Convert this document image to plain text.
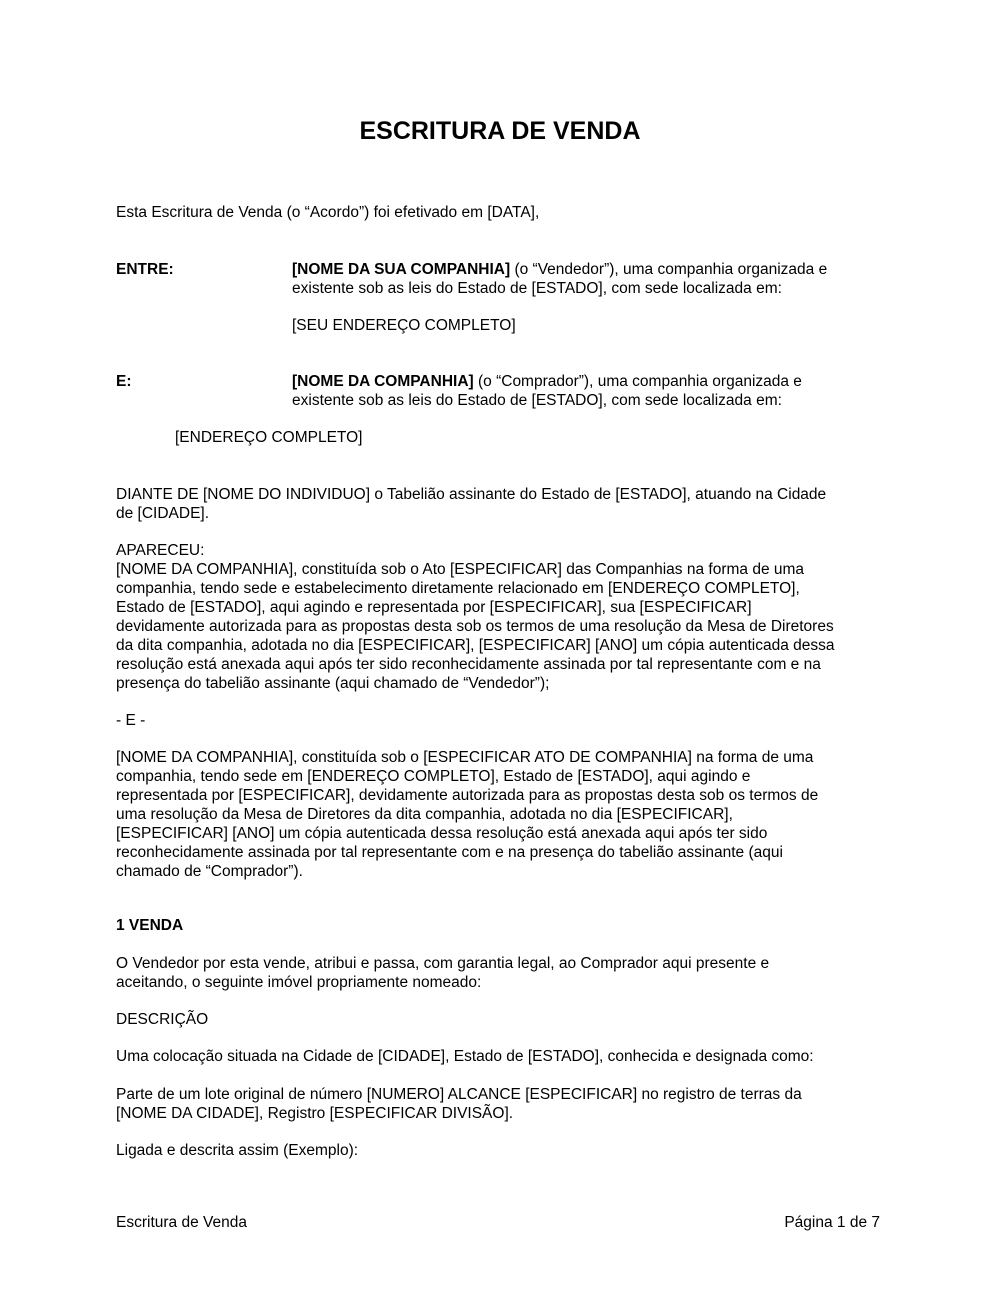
ESCRITURA DE VENDA
Esta Escritura de Venda (o “Acordo”) foi efetivado em [DATA],
ENTRE:	[NOME DA SUA COMPANHIA] (o “Vendedor”), uma companhia organizada e
existente sob as leis do Estado de [ESTADO], com sede localizada em:
[SEU ENDEREÇO COMPLETO]
E:	[NOME DA COMPANHIA] (o “Comprador”), uma companhia organizada e
existente sob as leis do Estado de [ESTADO], com sede localizada em:
[ENDEREÇO COMPLETO]
DIANTE DE [NOME DO INDIVIDUO] o Tabelião assinante do Estado de [ESTADO], atuando na Cidade
de [CIDADE].
APARECEU:
[NOME DA COMPANHIA], constituída sob o Ato [ESPECIFICAR] das Companhias na forma de uma
companhia, tendo sede e estabelecimento diretamente relacionado em [ENDEREÇO COMPLETO],
Estado de [ESTADO], aqui agindo e representada por [ESPECIFICAR], sua [ESPECIFICAR]
devidamente autorizada para as propostas desta sob os termos de uma resolução da Mesa de Diretores
da dita companhia, adotada no dia [ESPECIFICAR], [ESPECIFICAR] [ANO] um cópia autenticada dessa
resolução está anexada aqui após ter sido reconhecidamente assinada por tal representante com e na
presença do tabelião assinante (aqui chamado de “Vendedor”);
- E -
[NOME DA COMPANHIA], constituída sob o [ESPECIFICAR ATO DE COMPANHIA] na forma de uma
companhia, tendo sede em [ENDEREÇO COMPLETO], Estado de [ESTADO], aqui agindo e
representada por [ESPECIFICAR], devidamente autorizada para as propostas desta sob os termos de
uma resolução da Mesa de Diretores da dita companhia, adotada no dia [ESPECIFICAR],
[ESPECIFICAR] [ANO] um cópia autenticada dessa resolução está anexada aqui após ter sido
reconhecidamente assinada por tal representante com e na presença do tabelião assinante (aqui
chamado de “Comprador”).
1 VENDA
O Vendedor por esta vende, atribui e passa, com garantia legal, ao Comprador aqui presente e
aceitando, o seguinte imóvel propriamente nomeado:
DESCRIÇÃO
Uma colocação situada na Cidade de [CIDADE], Estado de [ESTADO], conhecida e designada como:
Parte de um lote original de número [NUMERO] ALCANCE [ESPECIFICAR] no registro de terras da
[NOME DA CIDADE], Registro [ESPECIFICAR DIVISÃO].
Ligada e descrita assim (Exemplo):
Escritura de Venda	Página 1 de 7
